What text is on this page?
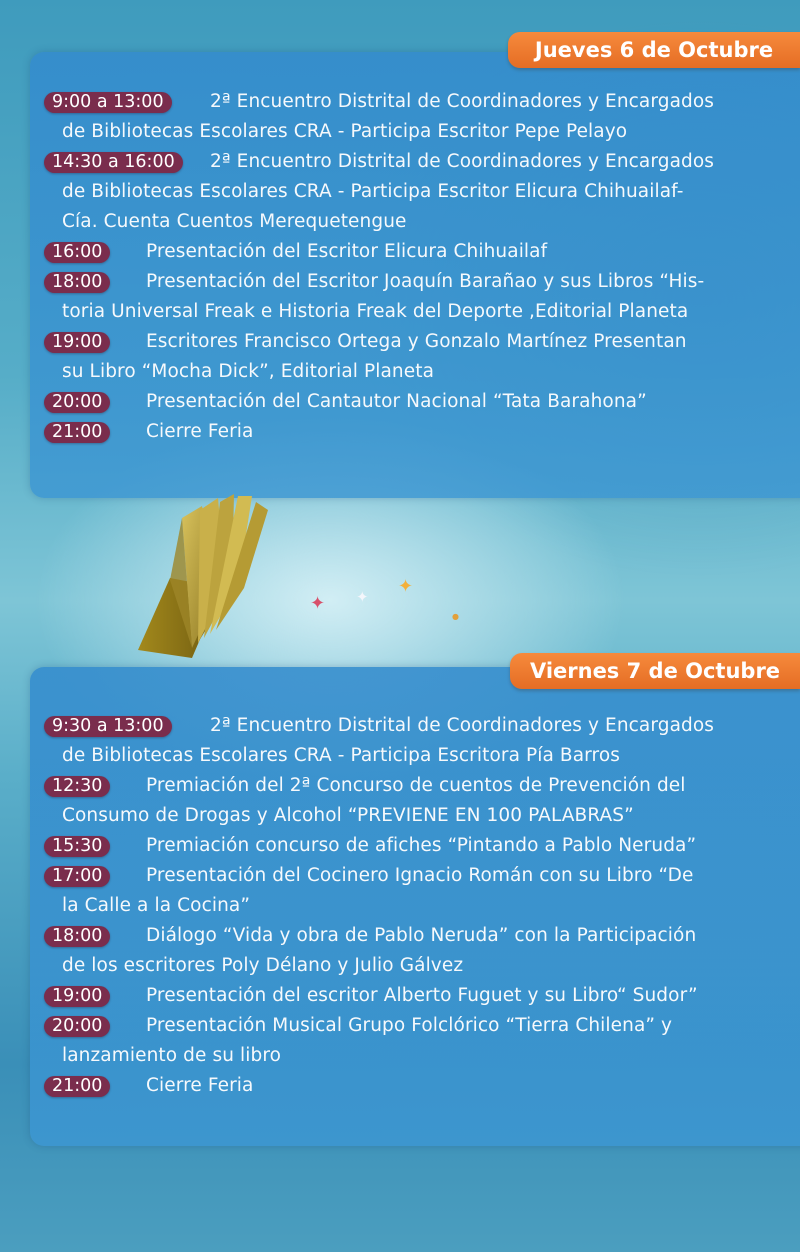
Jueves 6 de Octubre
Viernes 7 de Octubre
9:00 a 13:00	2ª Encuentro Distrital de Coordinadores y Encargados
de Bibliotecas Escolares CRA - Participa Escritor Pepe Pelayo
14:30 a 16:00	2ª Encuentro Distrital de Coordinadores y Encargados
de Bibliotecas Escolares CRA - Participa Escritor Elicura Chihuailaf-
Cía. Cuenta Cuentos Merequetengue
16:00	Presentación del Escritor Elicura Chihuailaf
18:00	Presentación del Escritor Joaquín Barañao y sus Libros “His-
toria Universal Freak e Historia Freak del Deporte ,Editorial Planeta
19:00	Escritores Francisco Ortega y Gonzalo Martínez Presentan
su Libro “Mocha Dick”, Editorial Planeta
20:00	Presentación del Cantautor Nacional “Tata Barahona”
21:00	Cierre Feria
9:30 a 13:00	2ª Encuentro Distrital de Coordinadores y Encargados
de Bibliotecas Escolares CRA - Participa Escritora Pía Barros
12:30	Premiación del 2ª Concurso de cuentos de Prevención del
Consumo de Drogas y Alcohol “PREVIENE EN 100 PALABRAS”
15:30	Premiación concurso de afiches “Pintando a Pablo Neruda”
17:00	Presentación del Cocinero Ignacio Román con su Libro “De
la Calle a la Cocina”
18:00	Diálogo “Vida y obra de Pablo Neruda” con la Participación
de los escritores Poly Délano y Julio Gálvez
19:00	Presentación del escritor Alberto Fuguet y su Libro“ Sudor”
20:00	Presentación Musical Grupo Folclórico “Tierra Chilena” y
lanzamiento de su libro
21:00	Cierre Feria
✦ ✦ ✦
●
